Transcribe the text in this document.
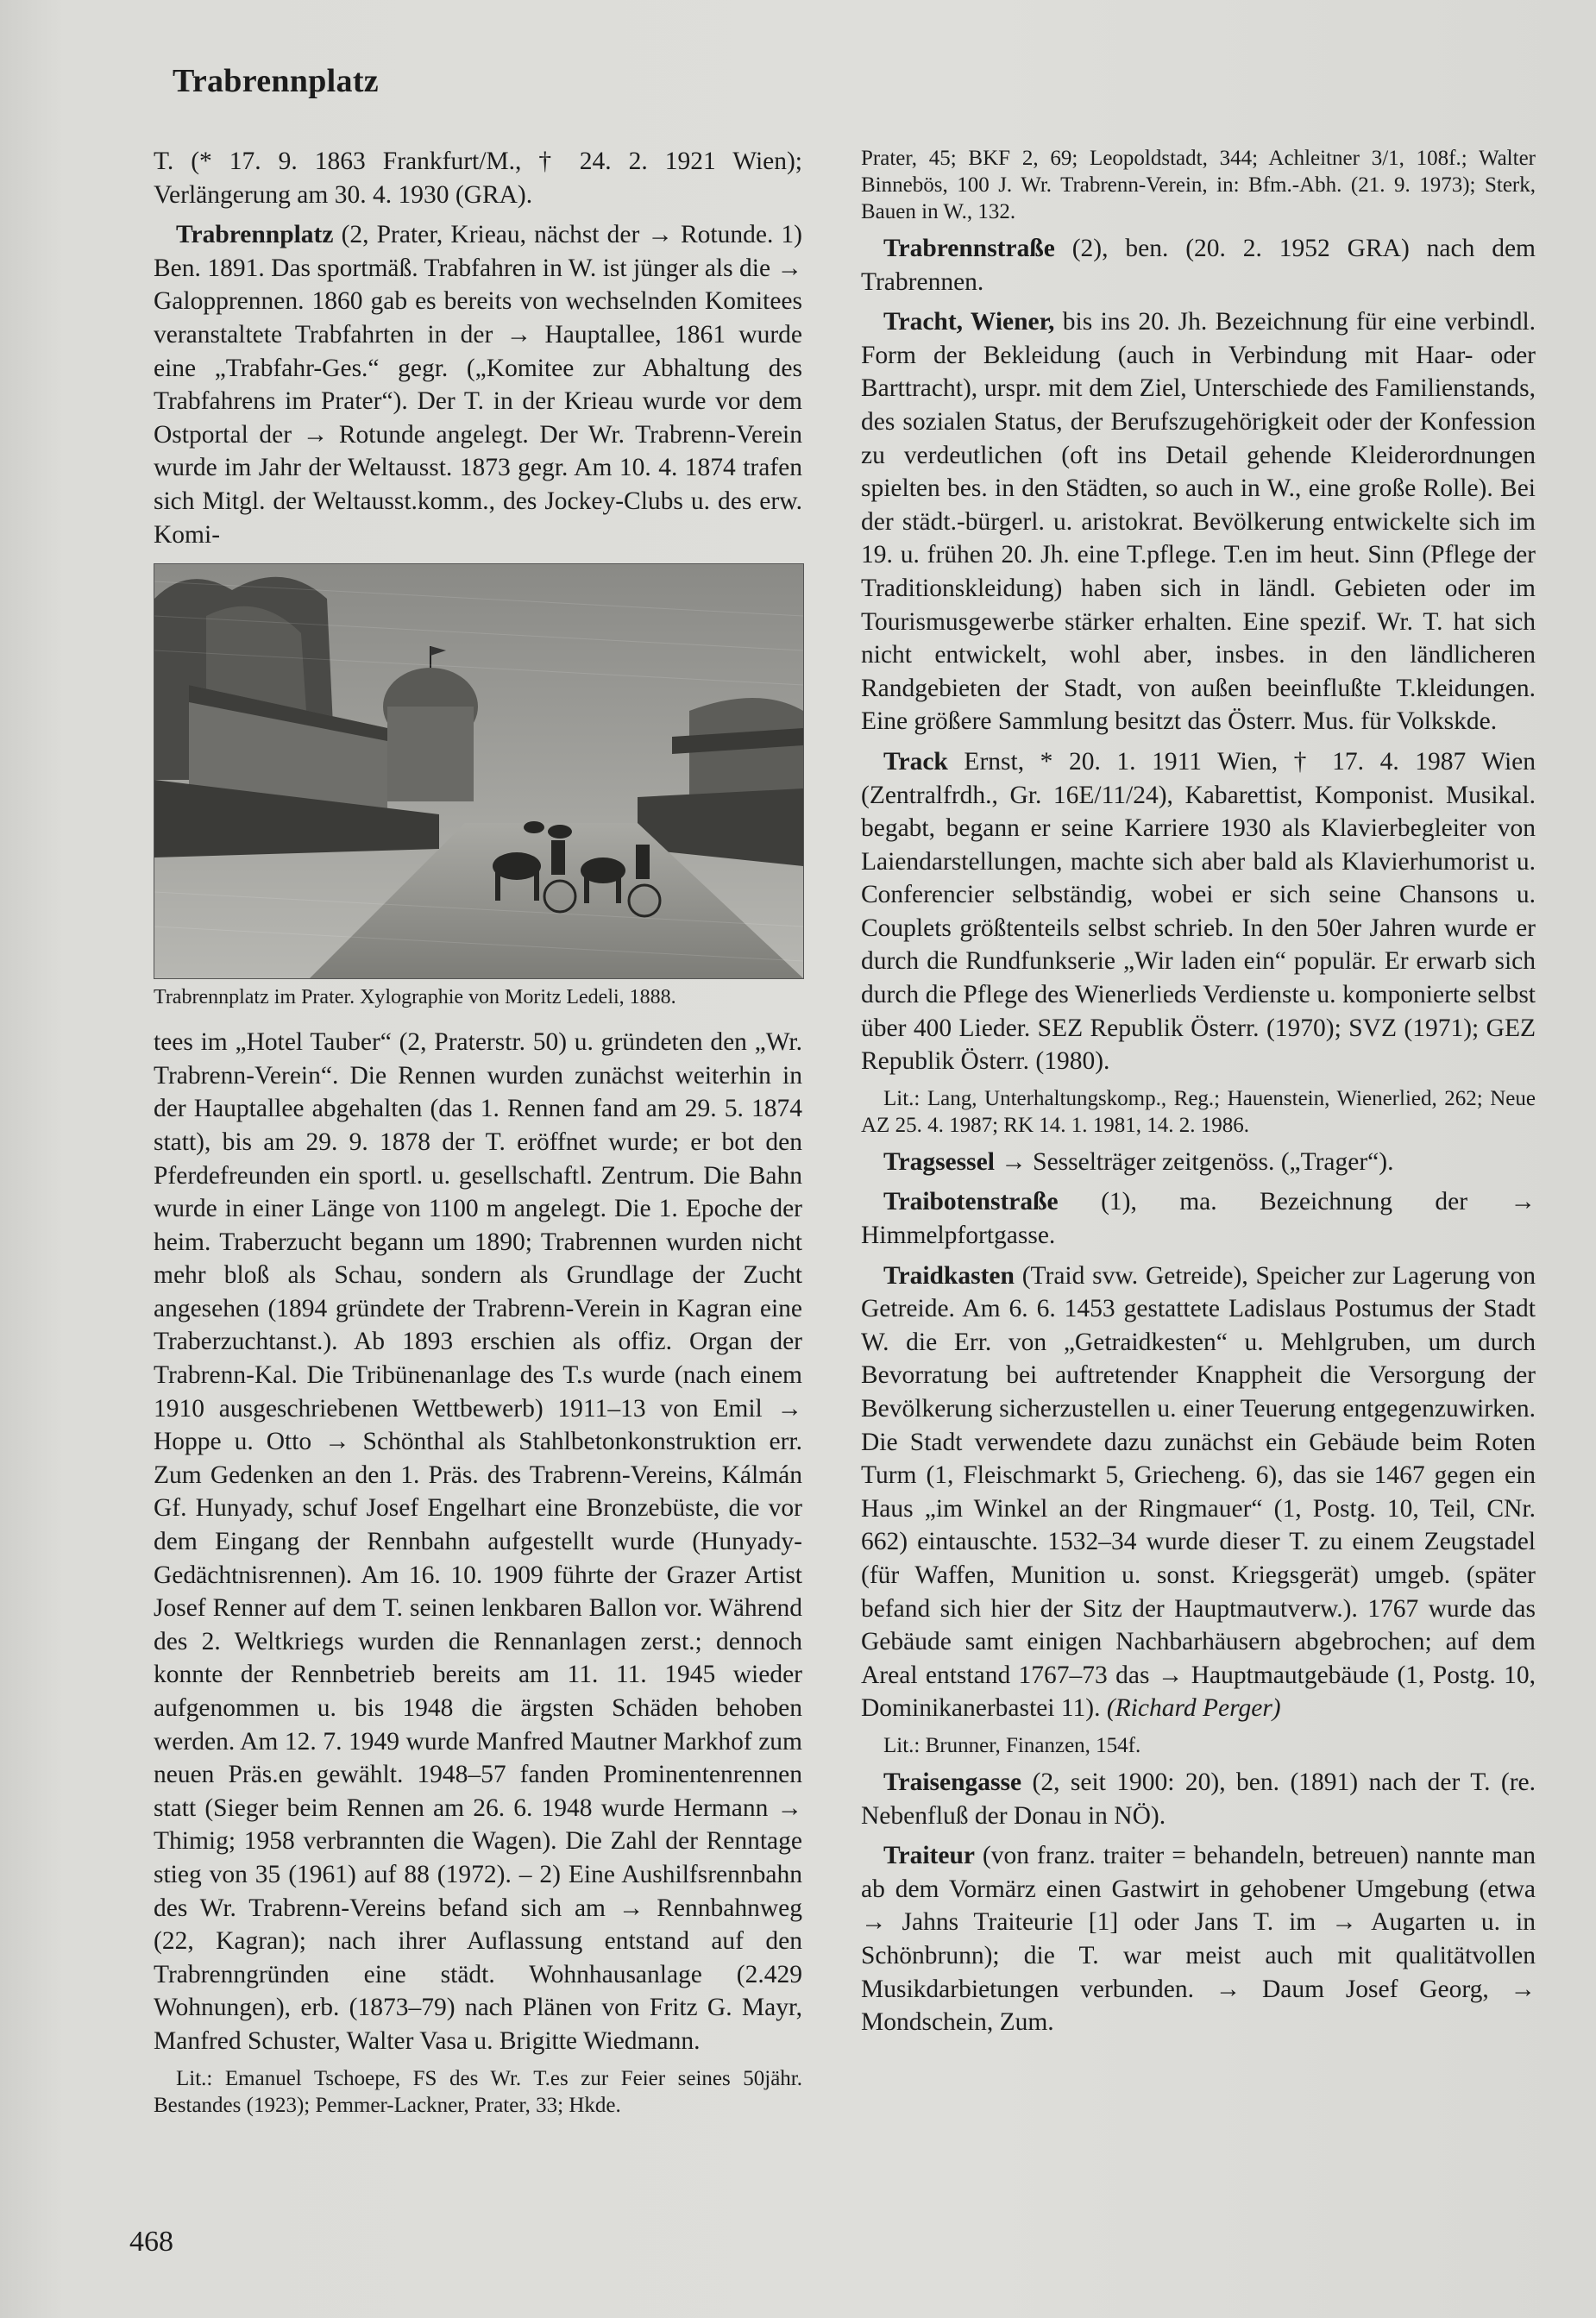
Trabrennplatz

T. (* 17. 9. 1863 Frankfurt/M., † 24. 2. 1921 Wien); Verlängerung am 30. 4. 1930 (GRA).

Trabrennplatz (2, Prater, Krieau, nächst der → Rotunde. 1) Ben. 1891. Das sportmäß. Trabfahren in W. ist jünger als die → Galopprennen. 1860 gab es bereits von wechselnden Komitees veranstaltete Trabfahrten in der → Hauptallee, 1861 wurde eine „Trabfahr-Ges.“ gegr. („Komitee zur Abhaltung des Trabfahrens im Prater“). Der T. in der Krieau wurde vor dem Ostportal der → Rotunde angelegt. Der Wr. Trabrenn-Verein wurde im Jahr der Weltausst. 1873 gegr. Am 10. 4. 1874 trafen sich Mitgl. der Weltausst.komm., des Jockey-Clubs u. des erw. Komi-

Trabrennplatz im Prater. Xylographie von Moritz Ledeli, 1888.

tees im „Hotel Tauber“ (2, Praterstr. 50) u. gründeten den „Wr. Trabrenn-Verein“. Die Rennen wurden zunächst weiterhin in der Hauptallee abgehalten (das 1. Rennen fand am 29. 5. 1874 statt), bis am 29. 9. 1878 der T. eröffnet wurde; er bot den Pferdefreunden ein sportl. u. gesellschaftl. Zentrum. Die Bahn wurde in einer Länge von 1100 m angelegt. Die 1. Epoche der heim. Traberzucht begann um 1890; Trabrennen wurden nicht mehr bloß als Schau, sondern als Grundlage der Zucht angesehen (1894 gründete der Trabrenn-Verein in Kagran eine Traberzuchtanst.). Ab 1893 erschien als offiz. Organ der Trabrenn-Kal. Die Tribünenanlage des T.s wurde (nach einem 1910 ausgeschriebenen Wettbewerb) 1911–13 von Emil → Hoppe u. Otto → Schönthal als Stahlbetonkonstruktion err. Zum Gedenken an den 1. Präs. des Trabrenn-Vereins, Kálmán Gf. Hunyady, schuf Josef Engelhart eine Bronzebüste, die vor dem Eingang der Rennbahn aufgestellt wurde (Hunyady-Gedächtnisrennen). Am 16. 10. 1909 führte der Grazer Artist Josef Renner auf dem T. seinen lenkbaren Ballon vor. Während des 2. Weltkriegs wurden die Rennanlagen zerst.; dennoch konnte der Rennbetrieb bereits am 11. 11. 1945 wieder aufgenommen u. bis 1948 die ärgsten Schäden behoben werden. Am 12. 7. 1949 wurde Manfred Mautner Markhof zum neuen Präs.en gewählt. 1948–57 fanden Prominentenrennen statt (Sieger beim Rennen am 26. 6. 1948 wurde Hermann → Thimig; 1958 verbrannten die Wagen). Die Zahl der Renntage stieg von 35 (1961) auf 88 (1972). – 2) Eine Aushilfsrennbahn des Wr. Trabrenn-Vereins befand sich am → Rennbahnweg (22, Kagran); nach ihrer Auflassung entstand auf den Trabrenngründen eine städt. Wohnhausanlage (2.429 Wohnungen), erb. (1873–79) nach Plänen von Fritz G. Mayr, Manfred Schuster, Walter Vasa u. Brigitte Wiedmann.

Lit.: Emanuel Tschoepe, FS des Wr. T.es zur Feier seines 50jähr. Bestandes (1923); Pemmer-Lackner, Prater, 33; Hkde.

Prater, 45; BKF 2, 69; Leopoldstadt, 344; Achleitner 3/1, 108f.; Walter Binnebös, 100 J. Wr. Trabrenn-Verein, in: Bfm.-Abh. (21. 9. 1973); Sterk, Bauen in W., 132.

Trabrennstraße (2), ben. (20. 2. 1952 GRA) nach dem Trabrennen.

Tracht, Wiener, bis ins 20. Jh. Bezeichnung für eine verbindl. Form der Bekleidung (auch in Verbindung mit Haar- oder Barttracht), urspr. mit dem Ziel, Unterschiede des Familienstands, des sozialen Status, der Berufszugehörigkeit oder der Konfession zu verdeutlichen (oft ins Detail gehende Kleiderordnungen spielten bes. in den Städten, so auch in W., eine große Rolle). Bei der städt.-bürgerl. u. aristokrat. Bevölkerung entwickelte sich im 19. u. frühen 20. Jh. eine T.pflege. T.en im heut. Sinn (Pflege der Traditionskleidung) haben sich in ländl. Gebieten oder im Tourismusgewerbe stärker erhalten. Eine spezif. Wr. T. hat sich nicht entwickelt, wohl aber, insbes. in den ländlicheren Randgebieten der Stadt, von außen beeinflußte T.kleidungen. Eine größere Sammlung besitzt das Österr. Mus. für Volkskde.

Track Ernst, * 20. 1. 1911 Wien, † 17. 4. 1987 Wien (Zentralfrdh., Gr. 16E/11/24), Kabarettist, Komponist. Musikal. begabt, begann er seine Karriere 1930 als Klavierbegleiter von Laiendarstellungen, machte sich aber bald als Klavierhumorist u. Conferencier selbständig, wobei er sich seine Chansons u. Couplets größtenteils selbst schrieb. In den 50er Jahren wurde er durch die Rundfunkserie „Wir laden ein“ populär. Er erwarb sich durch die Pflege des Wienerlieds Verdienste u. komponierte selbst über 400 Lieder. SEZ Republik Österr. (1970); SVZ (1971); GEZ Republik Österr. (1980).

Lit.: Lang, Unterhaltungskomp., Reg.; Hauenstein, Wienerlied, 262; Neue AZ 25. 4. 1987; RK 14. 1. 1981, 14. 2. 1986.

Tragsessel → Sesselträger zeitgenöss. („Trager“).

Traibotenstraße (1), ma. Bezeichnung der → Himmelpfortgasse.

Traidkasten (Traid svw. Getreide), Speicher zur Lagerung von Getreide. Am 6. 6. 1453 gestattete Ladislaus Postumus der Stadt W. die Err. von „Getraidkesten“ u. Mehlgruben, um durch Bevorratung bei auftretender Knappheit die Versorgung der Bevölkerung sicherzustellen u. einer Teuerung entgegenzuwirken. Die Stadt verwendete dazu zunächst ein Gebäude beim Roten Turm (1, Fleischmarkt 5, Griecheng. 6), das sie 1467 gegen ein Haus „im Winkel an der Ringmauer“ (1, Postg. 10, Teil, CNr. 662) eintauschte. 1532–34 wurde dieser T. zu einem Zeugstadel (für Waffen, Munition u. sonst. Kriegsgerät) umgeb. (später befand sich hier der Sitz der Hauptmautverw.). 1767 wurde das Gebäude samt einigen Nachbarhäusern abgebrochen; auf dem Areal entstand 1767–73 das → Hauptmautgebäude (1, Postg. 10, Dominikanerbastei 11). (Richard Perger)

Lit.: Brunner, Finanzen, 154f.

Traisengasse (2, seit 1900: 20), ben. (1891) nach der T. (re. Nebenfluß der Donau in NÖ).

Traiteur (von franz. traiter = behandeln, betreuen) nannte man ab dem Vormärz einen Gastwirt in gehobener Umgebung (etwa → Jahns Traiteurie [1] oder Jans T. im → Augarten u. in Schönbrunn); die T. war meist auch mit qualitätvollen Musikdarbietungen verbunden. → Daum Josef Georg, → Mondschein, Zum.

468
